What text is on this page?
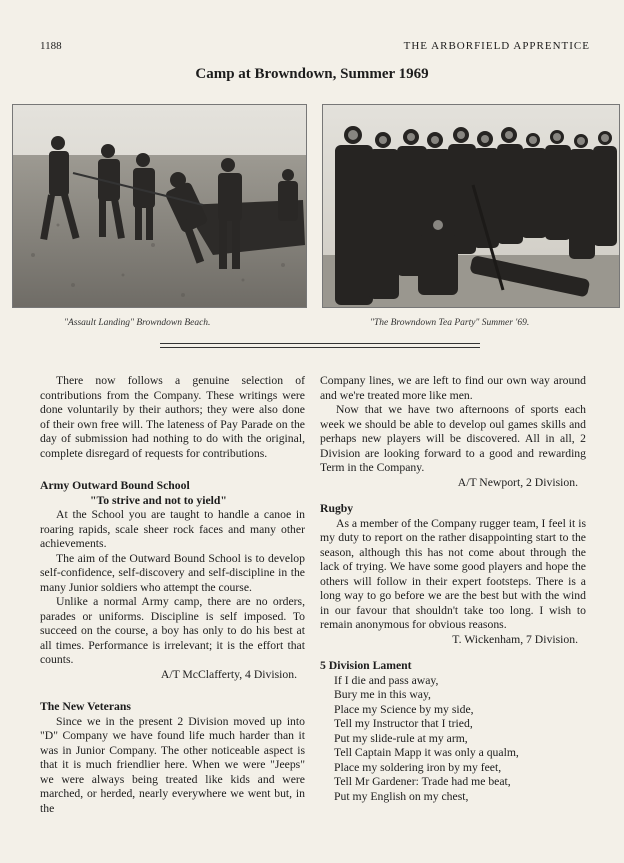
1188	THE ARBORFIELD APPRENTICE
Camp at Browndown, Summer 1969
"Assault Landing" Browndown Beach.	"The Browndown Tea Party" Summer '69.

There now follows a genuine selection of contributions from the Company. These writings were done voluntarily by their authors; they were also done of their own free will. The lateness of Pay Parade on the day of submission had nothing to do with the original, complete disregard of requests for contributions.

Army Outward Bound School

"To strive and not to yield"

At the School you are taught to handle a canoe in roaring rapids, scale sheer rock faces and many other achievements.

The aim of the Outward Bound School is to develop self-confidence, self-discovery and self-discipline in the many Junior soldiers who attempt the course.

Unlike a normal Army camp, there are no orders, parades or uniforms. Discipline is self imposed. To succeed on the course, a boy has only to do his best at all times. Performance is irrelevant; it is the effort that counts.

A/T McClafferty, 4 Division.

The New Veterans

Since we in the present 2 Division moved up into "D" Company we have found life much harder than it was in Junior Company. The other noticeable aspect is that it is much friendlier here. When we were "Jeeps" we were always being treated like kids and were marched, or herded, nearly everywhere we went but, in the

Company lines, we are left to find our own way around and we're treated more like men.

Now that we have two afternoons of sports each week we should be able to develop oul games skills and perhaps new players will be discovered. All in all, 2 Division are looking forward to a good and rewarding Term in the Company.

A/T Newport, 2 Division.

Rugby

As a member of the Company rugger team, I feel it is my duty to report on the rather disappointing start to the season, although this has not come about through the lack of trying. We have some good players and hope the others will follow in their expert footsteps. There is a long way to go before we are the best but with the wind in our favour that shouldn't take too long. I wish to remain anonymous for obvious reasons.

T. Wickenham, 7 Division.

5 Division Lament

If I die and pass away,

Bury me in this way,

Place my Science by my side,

Tell my Instructor that I tried,

Put my slide-rule at my arm,

Tell Captain Mapp it was only a qualm,

Place my soldering iron by my feet,

Tell Mr Gardener: Trade had me beat,

Put my English on my chest,
